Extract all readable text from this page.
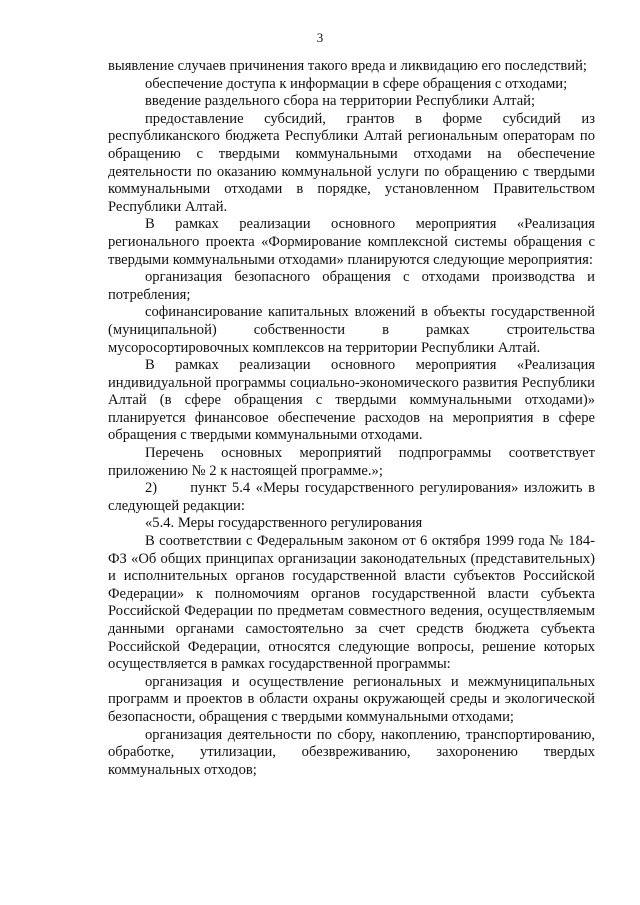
3

выявление случаев причинения такого вреда и ликвидацию его последствий;

обеспечение доступа к информации в сфере обращения с отходами;

введение раздельного сбора на территории Республики Алтай;

предоставление субсидий, грантов в форме субсидий из республиканского бюджета Республики Алтай региональным операторам по обращению с твердыми коммунальными отходами на обеспечение деятельности по оказанию коммунальной услуги по обращению с твердыми коммунальными отходами в порядке, установленном Правительством Республики Алтай.

В рамках реализации основного мероприятия «Реализация регионального проекта «Формирование комплексной системы обращения с твердыми коммунальными отходами» планируются следующие мероприятия:

организация безопасного обращения с отходами производства и потребления;

софинансирование капитальных вложений в объекты государственной (муниципальной) собственности в рамках строительства мусоросортировочных комплексов на территории Республики Алтай.

В рамках реализации основного мероприятия «Реализация индивидуальной программы социально-экономического развития Республики Алтай (в сфере обращения с твердыми коммунальными отходами)» планируется финансовое обеспечение расходов на мероприятия в сфере обращения с твердыми коммунальными отходами.

Перечень основных мероприятий подпрограммы соответствует приложению № 2 к настоящей программе.»;

2)      пункт 5.4 «Меры государственного регулирования» изложить в следующей редакции:

«5.4. Меры государственного регулирования

В соответствии с Федеральным законом от 6 октября 1999 года № 184-ФЗ «Об общих принципах организации законодательных (представительных) и исполнительных органов государственной власти субъектов Российской Федерации» к полномочиям органов государственной власти субъекта Российской Федерации по предметам совместного ведения, осуществляемым данными органами самостоятельно за счет средств бюджета субъекта Российской Федерации, относятся следующие вопросы, решение которых осуществляется в рамках государственной программы:

организация и осуществление региональных и межмуниципальных программ и проектов в области охраны окружающей среды и экологической безопасности, обращения с твердыми коммунальными отходами;

организация деятельности по сбору, накоплению, транспортированию, обработке, утилизации, обезвреживанию, захоронению твердых коммунальных отходов;
